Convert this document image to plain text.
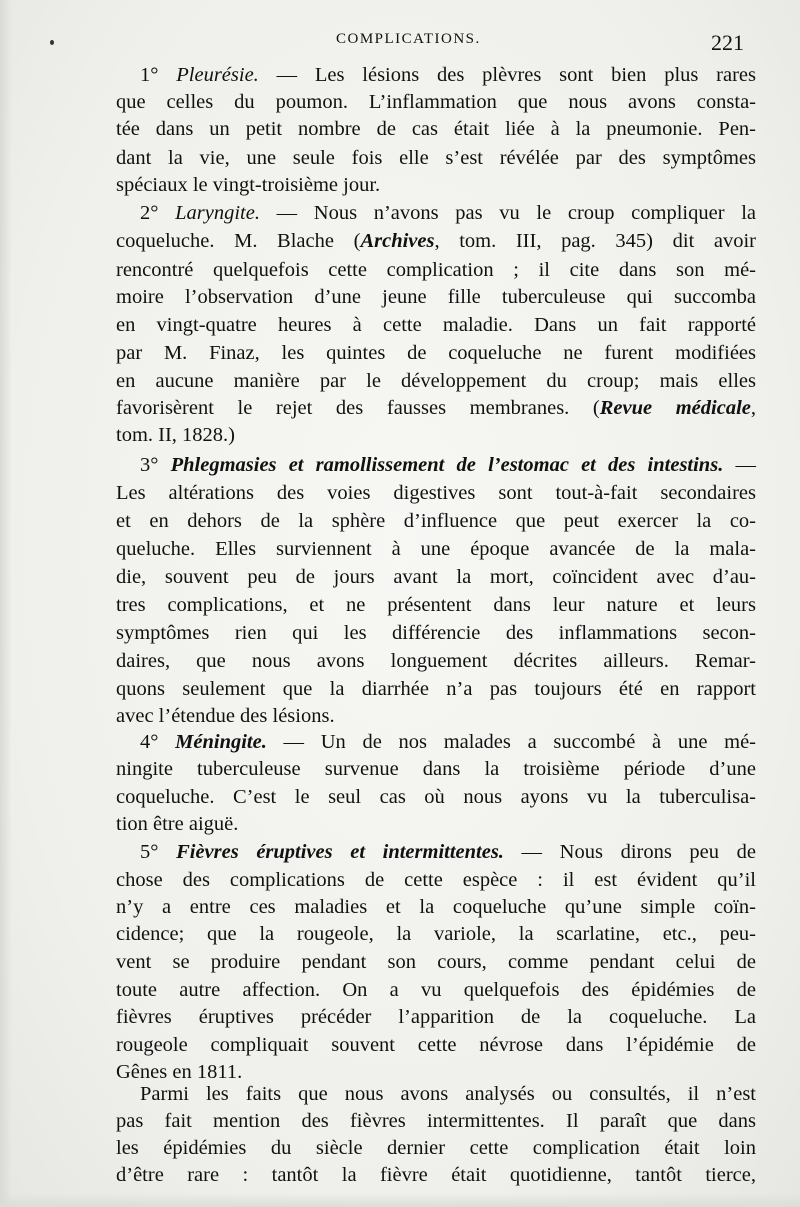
COMPLICATIONS.	221
1° Pleurésie. — Les lésions des plèvres sont bien plus rares
que celles du poumon. L’inflammation que nous avons consta-
tée dans un petit nombre de cas était liée à la pneumonie. Pen-
dant la vie, une seule fois elle s’est révélée par des symptômes
spéciaux le vingt-troisième jour.
2° Laryngite. — Nous n’avons pas vu le croup compliquer la
coqueluche. M. Blache (Archives, tom. III, pag. 345) dit avoir
rencontré quelquefois cette complication ; il cite dans son mé-
moire l’observation d’une jeune fille tuberculeuse qui succomba
en vingt-quatre heures à cette maladie. Dans un fait rapporté
par M. Finaz, les quintes de coqueluche ne furent modifiées
en aucune manière par le développement du croup; mais elles
favorisèrent le rejet des fausses membranes. (Revue médicale,
tom. II, 1828.)
3° Phlegmasies et ramollissement de l’estomac et des intestins. —
Les altérations des voies digestives sont tout-à-fait secondaires
et en dehors de la sphère d’influence que peut exercer la co-
queluche. Elles surviennent à une époque avancée de la mala-
die, souvent peu de jours avant la mort, coïncident avec d’au-
tres complications, et ne présentent dans leur nature et leurs
symptômes rien qui les différencie des inflammations secon-
daires, que nous avons longuement décrites ailleurs. Remar-
quons seulement que la diarrhée n’a pas toujours été en rapport
avec l’étendue des lésions.
4° Méningite. — Un de nos malades a succombé à une mé-
ningite tuberculeuse survenue dans la troisième période d’une
coqueluche. C’est le seul cas où nous ayons vu la tuberculisa-
tion être aiguë.
5° Fièvres éruptives et intermittentes. — Nous dirons peu de
chose des complications de cette espèce : il est évident qu’il
n’y a entre ces maladies et la coqueluche qu’une simple coïn-
cidence; que la rougeole, la variole, la scarlatine, etc., peu-
vent se produire pendant son cours, comme pendant celui de
toute autre affection. On a vu quelquefois des épidémies de
fièvres éruptives précéder l’apparition de la coqueluche. La
rougeole compliquait souvent cette névrose dans l’épidémie de
Gênes en 1811.
Parmi les faits que nous avons analysés ou consultés, il n’est
pas fait mention des fièvres intermittentes. Il paraît que dans
les épidémies du siècle dernier cette complication était loin
d’être rare : tantôt la fièvre était quotidienne, tantôt tierce,
